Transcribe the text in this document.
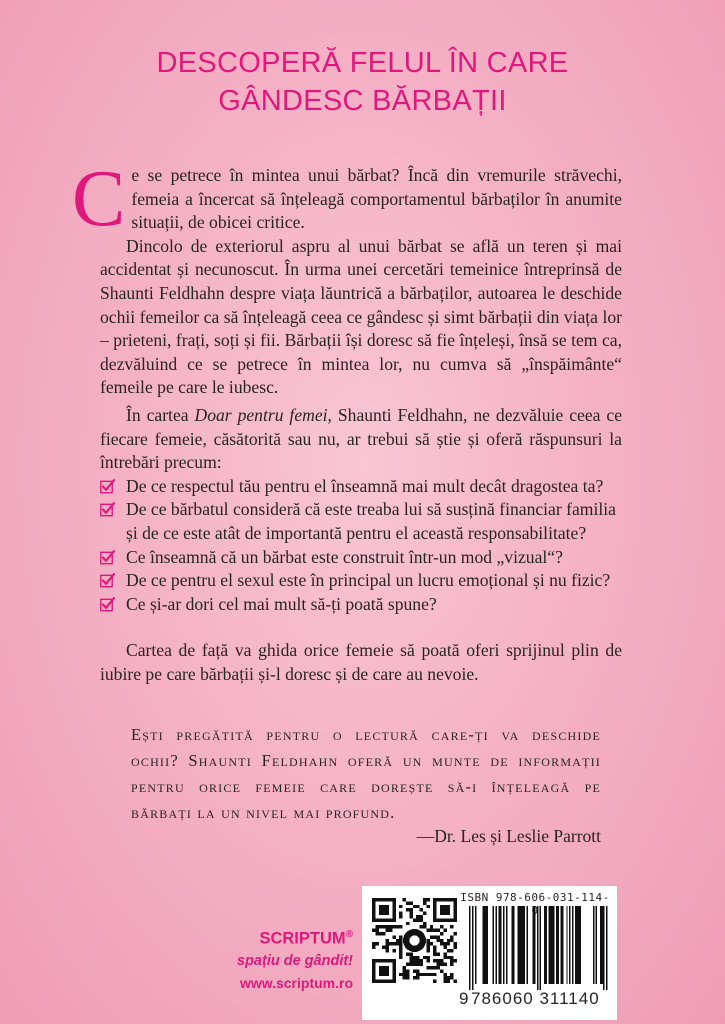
DESCOPERĂ FELUL ÎN CARE
GÂNDESC BĂRBAȚII

Ce se petrece în mintea unui bărbat? Încă din vremurile străvechi, femeia a încercat să înțeleagă comportamentul bărbaților în anumite situații, de obicei critice.

Dincolo de exteriorul aspru al unui bărbat se află un teren și mai accidentat și necunoscut. În urma unei cercetări temeinice întreprinsă de Shaunti Feldhahn despre viața lăuntrică a bărbaților, autoarea le deschide ochii femeilor ca să înțeleagă ceea ce gândesc și simt bărbații din viața lor – prieteni, frați, soți și fii. Bărbații își doresc să fie înțeleși, însă se tem ca, dezvăluind ce se petrece în mintea lor, nu cumva să „înspăimânte“ femeile pe care le iubesc.

În cartea Doar pentru femei, Shaunti Feldhahn, ne dezvăluie ceea ce fiecare femeie, căsătorită sau nu, ar trebui să știe și oferă răspunsuri la întrebări precum:

De ce respectul tău pentru el înseamnă mai mult decât dragostea ta?
De ce bărbatul consideră că este treaba lui să susțină financiar familia și de ce este atât de importantă pentru el această responsabilitate?
Ce înseamnă că un bărbat este construit într-un mod „vizual“?
De ce pentru el sexul este în principal un lucru emoțional și nu fizic?
Ce și-ar dori cel mai mult să-ți poată spune?

Cartea de față va ghida orice femeie să poată oferi sprijinul plin de iubire pe care bărbații și-l doresc și de care au nevoie.

Ești pregătită pentru o lectură care-ți va deschide ochii? Shaunti Feldhahn oferă un munte de informații pentru orice femeie care dorește să-i înțeleagă pe bărbați la un nivel mai profund.
—Dr. Les și Leslie Parrott
SCRIPTUM®
spațiu de gândit!
www.scriptum.ro
ISBN 978-606-031-114-
9 786060 311140
